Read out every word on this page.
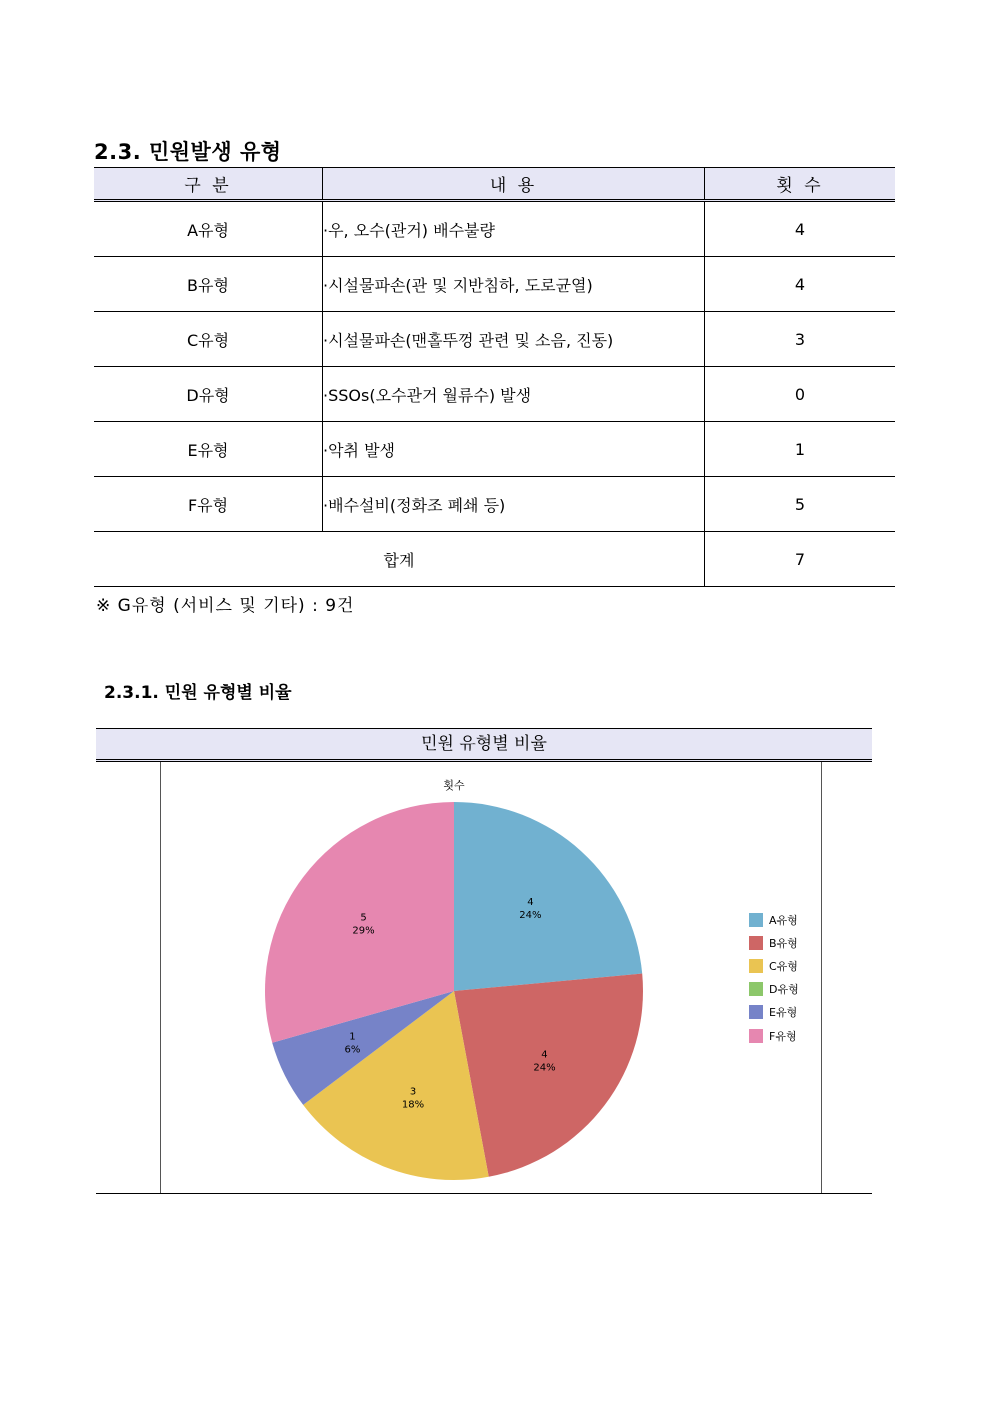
2.3. 민원발생 유형
구 분	내 용	횟 수
A유형	·우, 오수(관거) 배수불량	4
B유형	·시설물파손(관 및 지반침하, 도로균열)	4
C유형	·시설물파손(맨홀뚜껑 관련 및 소음, 진동)	3
D유형	·SSOs(오수관거 월류수) 발생	0
E유형	·악취 발생	1
F유형	·배수설비(정화조 폐쇄 등)	5
합계		7
※ G유형 (서비스 및 기타) : 9건
2.3.1. 민원 유형별 비율
민원 유형별 비율
횟수
4
24%
4
24%
3
18%
1
6%
5
29%
A유형
B유형
C유형
D유형
E유형
F유형
